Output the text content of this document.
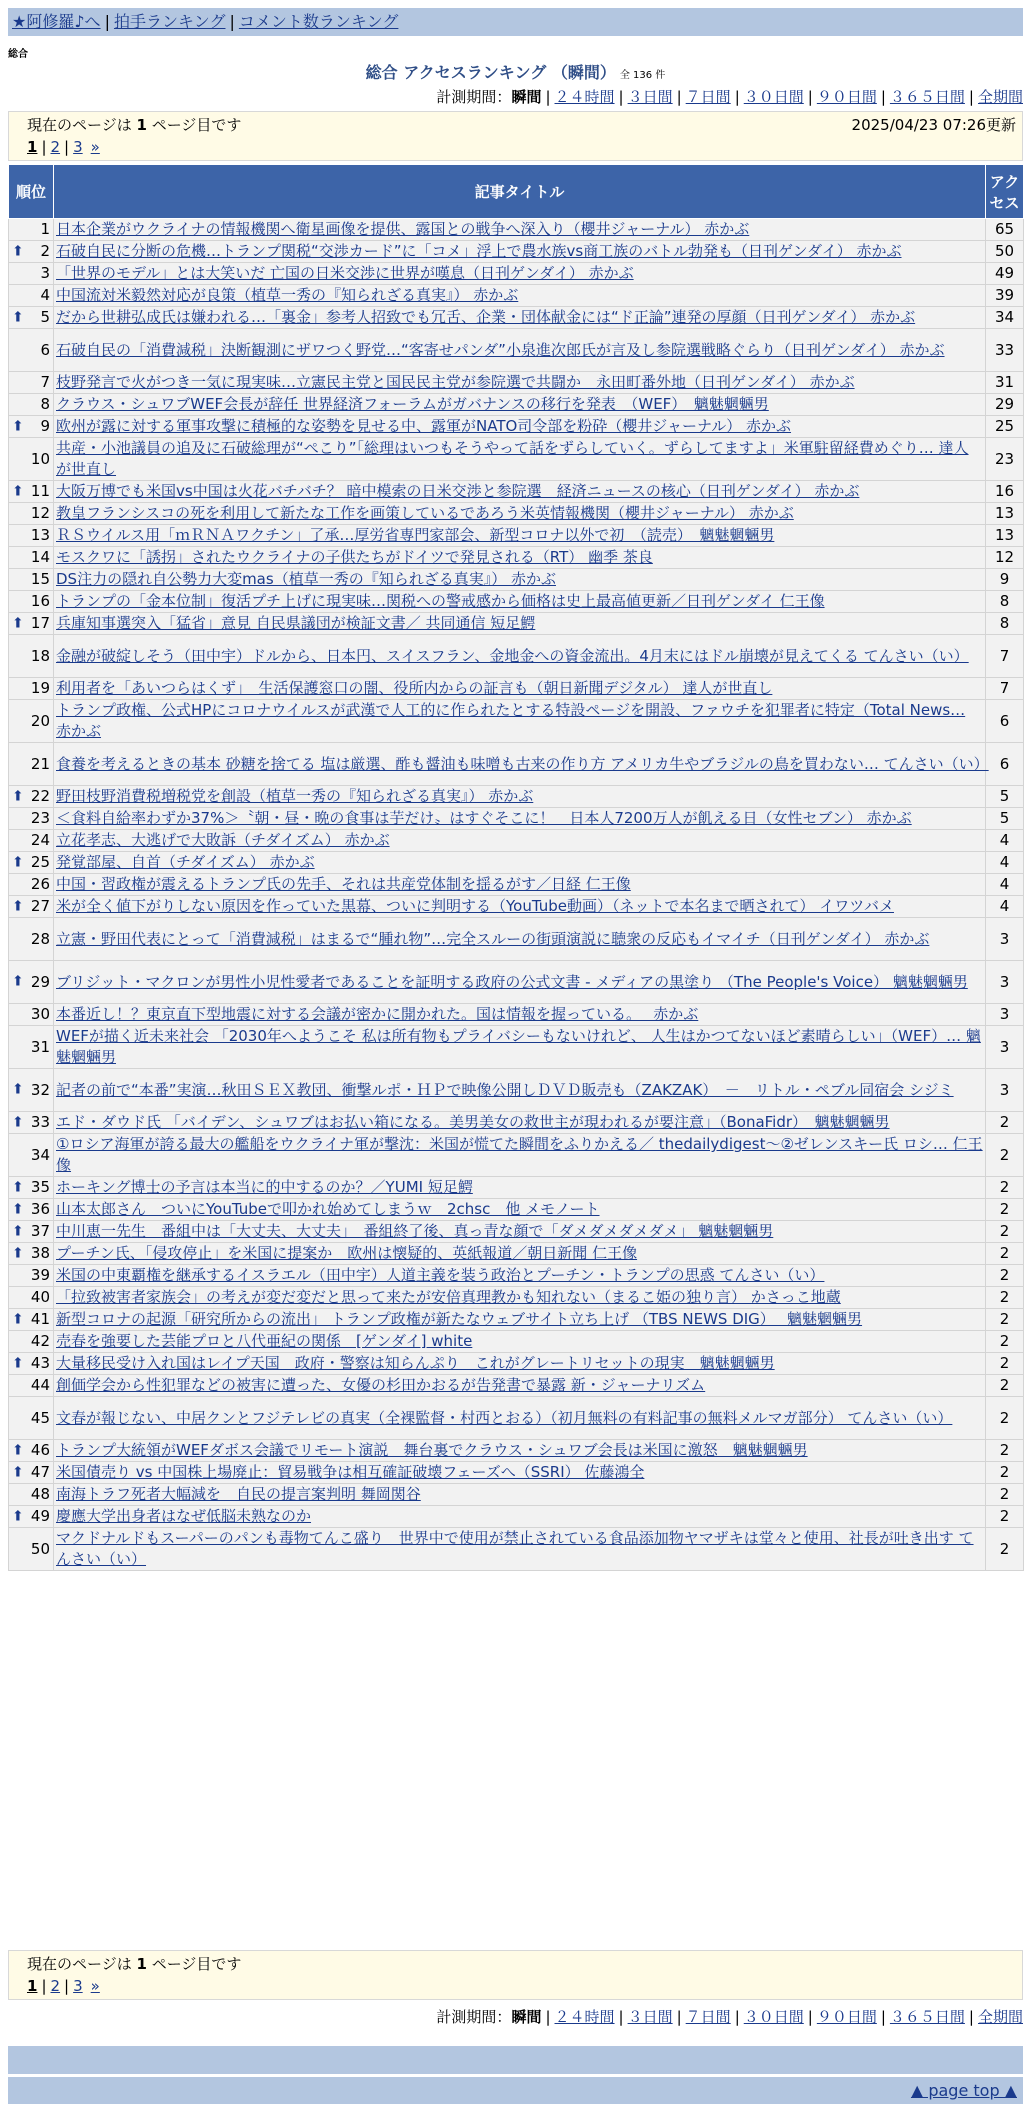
★阿修羅♪へ | 拍手ランキング | コメント数ランキング
総合
総合 アクセスランキング （瞬間） 全 136 件
計測期間：瞬間 | ２４時間 | ３日間 | ７日間 | ３０日間 | ９０日間 | ３６５日間 | 全期間
現在のページは 1 ページ目です	2025/04/23 07:26更新
1 | 2 | 3 »
順位	記事タイトル	アクセス
1	日本企業がウクライナの情報機関へ衛星画像を提供、露国との戦争へ深入り（櫻井ジャーナル） 赤かぶ	65

⬆ 2	石破自民に分断の危機…トランプ関税“交渉カード”に「コメ」浮上で農水族vs商工族のバトル勃発も（日刊ゲンダイ） 赤かぶ	50
3	「世界のモデル」とは大笑いだ 亡国の日米交渉に世界が嘆息（日刊ゲンダイ） 赤かぶ	49
4	中国流対米毅然対応が良策（植草一秀の『知られざる真実』） 赤かぶ	39

⬆ 5	だから世耕弘成氏は嫌われる…「裏金」参考人招致でも冗舌、企業・団体献金には“ド正論”連発の厚顔（日刊ゲンダイ） 赤かぶ	34
6	石破自民の「消費減税」決断観測にザワつく野党…“客寄せパンダ”小泉進次郎氏が言及し参院選戦略ぐらり（日刊ゲンダイ） 赤かぶ	33
7	枝野発言で火がつき一気に現実味…立憲民主党と国民民主党が参院選で共闘か　永田町番外地（日刊ゲンダイ） 赤かぶ	31
8	クラウス・シュワブWEF会長が辞任 世界経済フォーラムがガバナンスの移行を発表　（WEF）　魑魅魍魎男	29

⬆ 9	欧州が露に対する軍事攻撃に積極的な姿勢を見せる中、露軍がNATO司令部を粉砕（櫻井ジャーナル） 赤かぶ	25
10	共産・小池議員の追及に石破総理が“ぺこり”「総理はいつもそうやって話をずらしていく。ずらしてますよ」米軍駐留経費めぐり… 達人が世直し	23

⬆ 11	大阪万博でも米国vs中国は火花バチバチ？ 暗中模索の日米交渉と参院選　経済ニュースの核心（日刊ゲンダイ） 赤かぶ	16
12	教皇フランシスコの死を利用して新たな工作を画策しているであろう米英情報機関（櫻井ジャーナル） 赤かぶ	13
13	ＲＳウイルス用「ｍＲＮＡワクチン」了承…厚労省専門家部会、新型コロナ以外で初　（読売）　魑魅魍魎男	13
14	モスクワに「誘拐」されたウクライナの子供たちがドイツで発見される（RT） 幽季 茶良	12
15	DS注力の隠れ自公勢力大変mas（植草一秀の『知られざる真実』） 赤かぶ	9
16	トランプの「金本位制」復活プチ上げに現実味…関税への警戒感から価格は史上最高値更新／日刊ゲンダイ 仁王像	8

⬆ 17	兵庫知事選突入「猛省」意見 自民県議団が検証文書／ 共同通信 短足鰐	8
18	金融が破綻しそう（田中宇）ドルから、日本円、スイスフラン、金地金への資金流出。4月末にはドル崩壊が見えてくる てんさい（い）	7
19	利用者を「あいつらはくず」　生活保護窓口の闇、役所内からの証言も（朝日新聞デジタル） 達人が世直し	7
20	トランプ政権、公式HPにコロナウイルスが武漢で人工的に作られたとする特設ページを開設、ファウチを犯罪者に特定（Total News… 赤かぶ	6
21	食養を考えるときの基本 砂糖を捨てる 塩は厳選、酢も醤油も味噌も古来の作り方 アメリカ牛やブラジルの鳥を買わない… てんさい（い）	6

⬆ 22	野田枝野消費税増税党を創設（植草一秀の『知られざる真実』） 赤かぶ	5
23	＜食料自給率わずか37%＞〝朝・昼・晩の食事は芋だけ〟はすぐそこに！　日本人7200万人が飢える日（女性セブン） 赤かぶ	5
24	立花孝志、大逃げで大敗訴（チダイズム） 赤かぶ	4

⬆ 25	発覚部屋、自首（チダイズム） 赤かぶ	4
26	中国・習政権が震えるトランプ氏の先手、それは共産党体制を揺るがす／日経 仁王像	4

⬆ 27	米が全く値下がりしない原因を作っていた黒幕、ついに判明する（YouTube動画）（ネットで本名まで晒されて） イワツバメ	4
28	立憲・野田代表にとって「消費減税」はまるで“腫れ物”…完全スルーの街頭演説に聴衆の反応もイマイチ（日刊ゲンダイ） 赤かぶ	3

⬆ 29	ブリジット・マクロンが男性小児性愛者であることを証明する政府の公式文書 - メディアの黒塗り （The People's Voice） 魑魅魍魎男	3
30	本番近し！？東京直下型地震に対する会議が密かに開かれた。国は情報を握っている。　 赤かぶ	3
31	WEFが描く近未来社会 「2030年へようこそ 私は所有物もプライバシーもないけれど、 人生はかつてないほど素晴らしい」（WEF）… 魑魅魍魎男	3

⬆ 32	記者の前で“本番”実演…秋田ＳＥＸ教団、衝撃ルポ・ＨＰで映像公開しＤＶＤ販売も（ZAKZAK）　－　リトル・ペブル同宿会 シジミ	3

⬆ 33	エド・ダウド氏 「バイデン、シュワブはお払い箱になる。美男美女の救世主が現われるが要注意」（BonaFidr）　魑魅魍魎男	2
34	①ロシア海軍が誇る最大の艦船をウクライナ軍が撃沈：米国が慌てた瞬間をふりかえる／ thedailydigest～②ゼレンスキー氏 ロシ… 仁王像	2

⬆ 35	ホーキング博士の予言は本当に的中するのか？／YUMI 短足鰐	2

⬆ 36	山本太郎さん　ついにYouTubeで叩かれ始めてしまうｗ　2chsc　他 メモノート	2

⬆ 37	中川恵一先生　番組中は「大丈夫、大丈夫」　番組終了後、真っ青な顔で「ダメダメダメダメ」 魑魅魍魎男	2

⬆ 38	プーチン氏、「侵攻停止」を米国に提案か　欧州は懐疑的、英紙報道／朝日新聞 仁王像	2
39	米国の中東覇権を継承するイスラエル（田中宇）人道主義を装う政治とプーチン・トランプの思惑 てんさい（い）	2
40	「拉致被害者家族会」の考えが変だ変だと思って来たが安倍真理教かも知れない（まるこ姫の独り言） かさっこ地蔵	2

⬆ 41	新型コロナの起源「研究所からの流出」 トランプ政権が新たなウェブサイト立ち上げ （TBS NEWS DIG）　 魑魅魍魎男	2
42	売春を強要した芸能プロと八代亜紀の関係　[ゲンダイ] white	2

⬆ 43	大量移民受け入れ国はレイプ天国　政府・警察は知らんぷり　これがグレートリセットの現実　魑魅魍魎男	2
44	創価学会から性犯罪などの被害に遭った、女優の杉田かおるが告発書で暴露 新・ジャーナリズム	2
45	文春が報じない、中居クンとフジテレビの真実（全裸監督・村西とおる）（初月無料の有料記事の無料メルマガ部分） てんさい（い）	2

⬆ 46	トランプ大統領がWEFダボス会議でリモート演説　舞台裏でクラウス・シュワブ会長は米国に激怒　魑魅魍魎男	2

⬆ 47	米国債売り vs 中国株上場廃止：貿易戦争は相互確証破壊フェーズへ（SSRI） 佐藤鴻全	2
48	南海トラフ死者大幅減を　自民の提言案判明 舞岡関谷	2

⬆ 49	慶應大学出身者はなぜ低脳未熟なのか	2
50	マクドナルドもスーパーのパンも毒物てんこ盛り　世界中で使用が禁止されている食品添加物ヤマザキは堂々と使用、社長が吐き出す てんさい（い）	2
現在のページは 1 ページ目です
1 | 2 | 3 »
計測期間：瞬間 | ２４時間 | ３日間 | ７日間 | ３０日間 | ９０日間 | ３６５日間 | 全期間
▲ page top ▲
